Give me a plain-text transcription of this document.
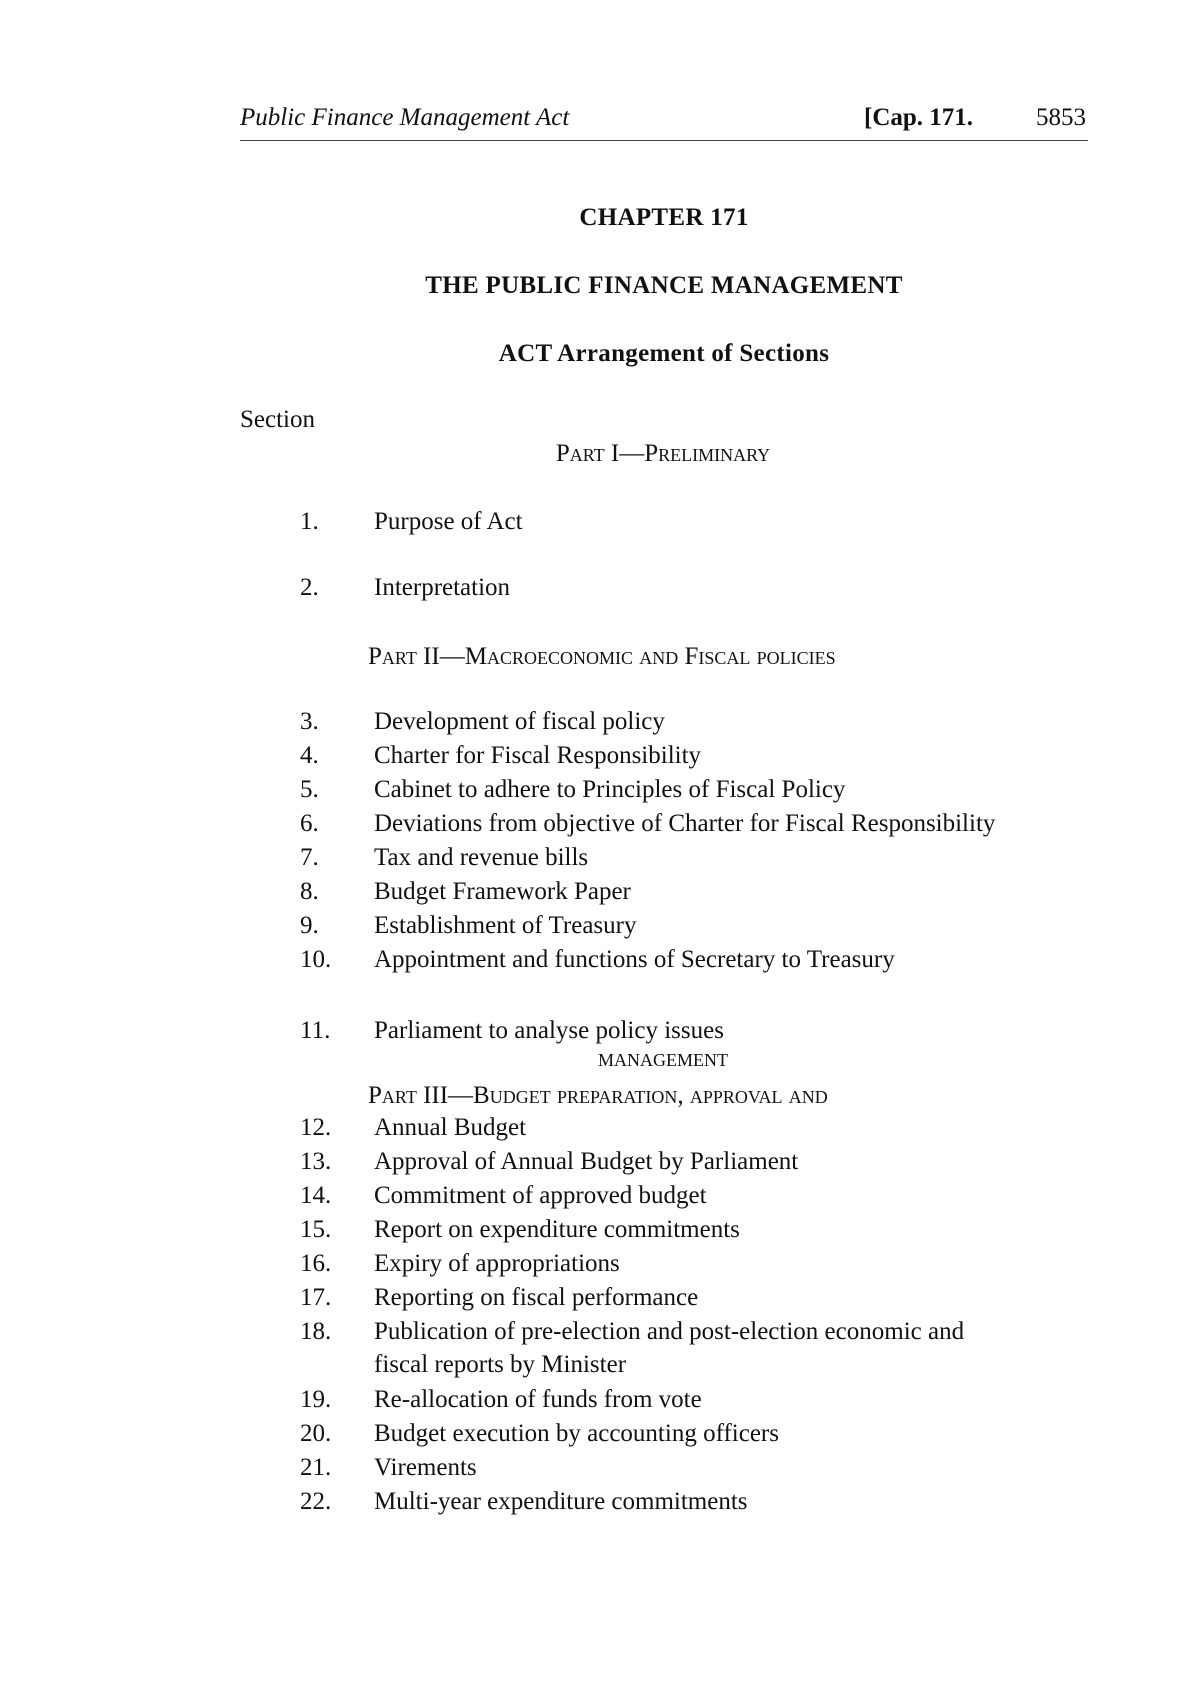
Public Finance Management Act	[Cap. 171.	5853
CHAPTER 171
THE PUBLIC FINANCE MANAGEMENT
ACT Arrangement of Sections
Section
Part I—Preliminary
Part II—Macroeconomic and Fiscal policies
management
Part III—Budget preparation, approval and
1. Purpose of Act
2. Interpretation
3. Development of fiscal policy
4. Charter for Fiscal Responsibility
5. Cabinet to adhere to Principles of Fiscal Policy
6. Deviations from objective of Charter for Fiscal Responsibility
7. Tax and revenue bills
8. Budget Framework Paper
9. Establishment of Treasury
10. Appointment and functions of Secretary to Treasury
11. Parliament to analyse policy issues
12. Annual Budget
13. Approval of Annual Budget by Parliament
14. Commitment of approved budget
15. Report on expenditure commitments
16. Expiry of appropriations
17. Reporting on fiscal performance
18. Publication of pre-election and post-election economic and
fiscal reports by Minister
19. Re-allocation of funds from vote
20. Budget execution by accounting officers
21. Virements
22. Multi-year expenditure commitments
